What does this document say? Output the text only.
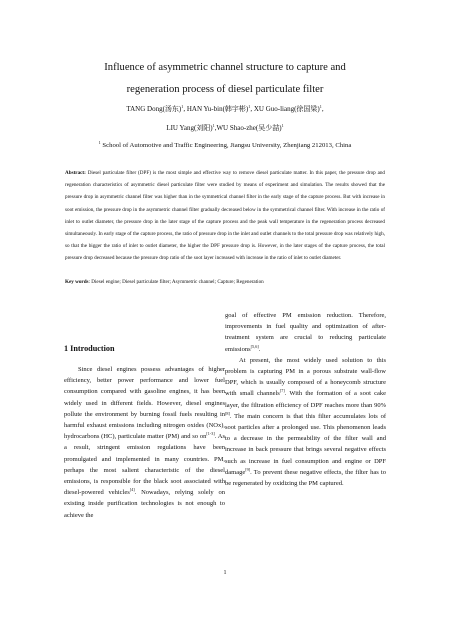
Influence of asymmetric channel structure to capture and
regeneration process of diesel particulate filter
TANG Dong(汤东)$^1$, HAN Yu-bin(韩宇彬)$^1$, XU Guo-liang(徐国梁)$^1$,
LIU Yang(刘阳)$^1$,WU Shao-zhe(吴少喆)$^1$
$^1$ School of Automotive and Traffic Engineering, Jiangsu University, Zhenjiang 212013, China
Abstract: Diesel particulate filter (DPF) is the most simple and effective way to remove diesel particulate matter. In this paper, the pressure drop and regeneration characteristics of asymmetric diesel particulate filter were studied by means of experiment and simulation. The results showed that the pressure drop in asymmetric channel filter was higher than in the symmetrical channel filter in the early stage of the capture process. But with increase in soot emission, the pressure drop in the asymmetric channel filter gradually decreased below in the symmetrical channel filter. With increase in the ratio of inlet to outlet diameter, the pressure drop in the later stage of the capture process and the peak wall temperature in the regeneration process decreased simultaneously. In early stage of the capture process, the ratio of pressure drop in the inlet and outlet channels to the total pressure drop was relatively high, so that the bigger the ratio of inlet to outlet diameter, the higher the DPF pressure drop is. However, in the later stages of the capture process, the total pressure drop decreased because the pressure drop ratio of the soot layer increased with increase in the ratio of inlet to outlet diameter.
Key words: Diesel engine; Diesel particulate filter; Asymmetric channel; Capture; Regeneration
1 Introduction

Since diesel engines possess advantages of higher efficiency, better power performance and lower fuel consumption compared with gasoline engines, it has been widely used in different fields. However, diesel engines pollute the environment by burning fossil fuels resulting in harmful exhaust emissions including nitrogen oxides (NOx), hydrocarbons (HC), particulate matter (PM) and so on[1-3]. As a result, stringent emission regulations have been promulgated and implemented in many countries. PM, perhaps the most salient characteristic of the diesel emissions, is responsible for the black soot associated with diesel-powered vehicles[4]. Nowadays, relying solely on existing inside purification technologies is not enough to achieve the

goal of effective PM emission reduction. Therefore, improvements in fuel quality and optimization of after-treatment system are crucial to reducing particulate emissions[5,6].

At present, the most widely used solution to this problem is capturing PM in a porous substrate wall-flow DPF, which is usually composed of a honeycomb structure with small channels[7]. With the formation of a soot cake layer, the filtration efficiency of DPF reaches more than 90%[8]. The main concern is that this filter accumulates lots of soot particles after a prolonged use. This phenomenon leads to a decrease in the permeability of the filter wall and increase in back pressure that brings several negative effects such as increase in fuel consumption and engine or DPF damage[9]. To prevent these negative effects, the filter has to be regenerated by oxidizing the PM captured.

1
